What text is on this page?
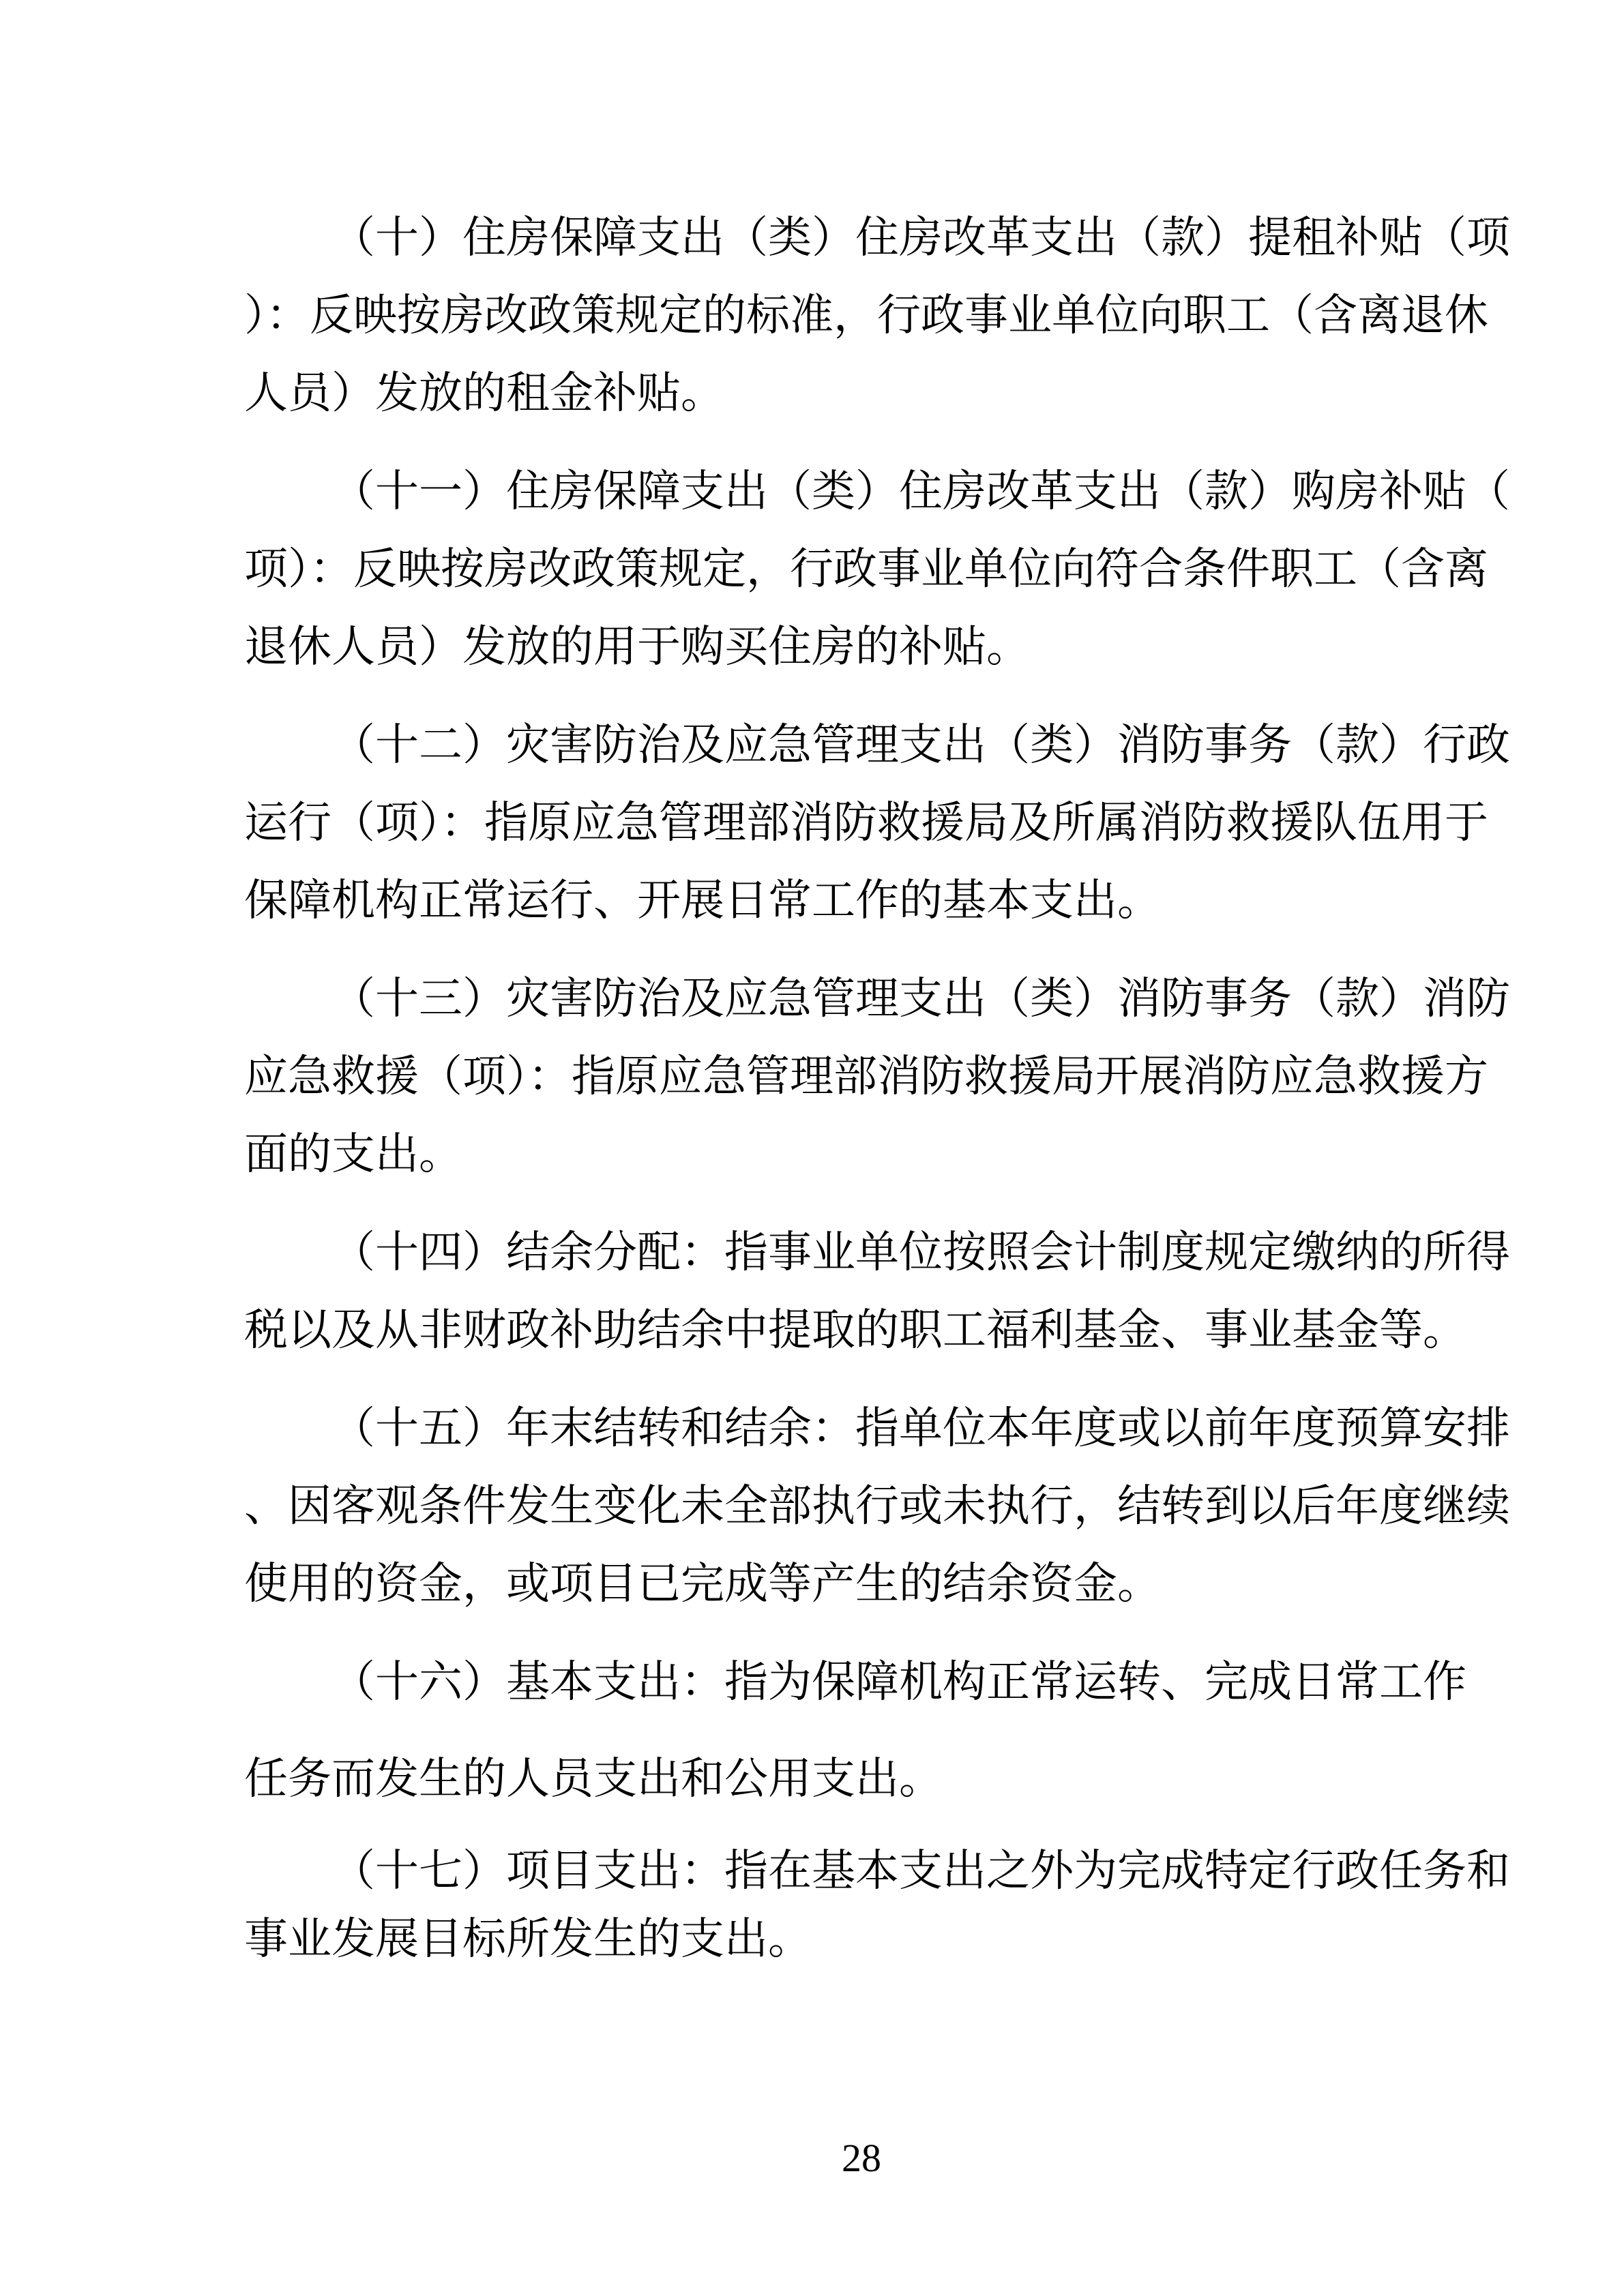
（十）住房保障支出（类）住房改革支出（款）提租补贴（项
）：反映按房改政策规定的标准，行政事业单位向职工（含离退休
人员）发放的租金补贴。
（十一）住房保障支出（类）住房改革支出（款）购房补贴（
项）：反映按房改政策规定，行政事业单位向符合条件职工（含离
退休人员）发放的用于购买住房的补贴。
（十二）灾害防治及应急管理支出（类）消防事务（款）行政
运行（项）：指原应急管理部消防救援局及所属消防救援队伍用于
保障机构正常运行、开展日常工作的基本支出。
（十三）灾害防治及应急管理支出（类）消防事务（款）消防
应急救援（项）：指原应急管理部消防救援局开展消防应急救援方
面的支出。
（十四）结余分配：指事业单位按照会计制度规定缴纳的所得
税以及从非财政补助结余中提取的职工福利基金、事业基金等。
（十五）年末结转和结余：指单位本年度或以前年度预算安排
、因客观条件发生变化未全部执行或未执行，结转到以后年度继续
使用的资金，或项目已完成等产生的结余资金。
（十六）基本支出：指为保障机构正常运转、完成日常工作
任务而发生的人员支出和公用支出。
（十七）项目支出：指在基本支出之外为完成特定行政任务和
事业发展目标所发生的支出。
28
